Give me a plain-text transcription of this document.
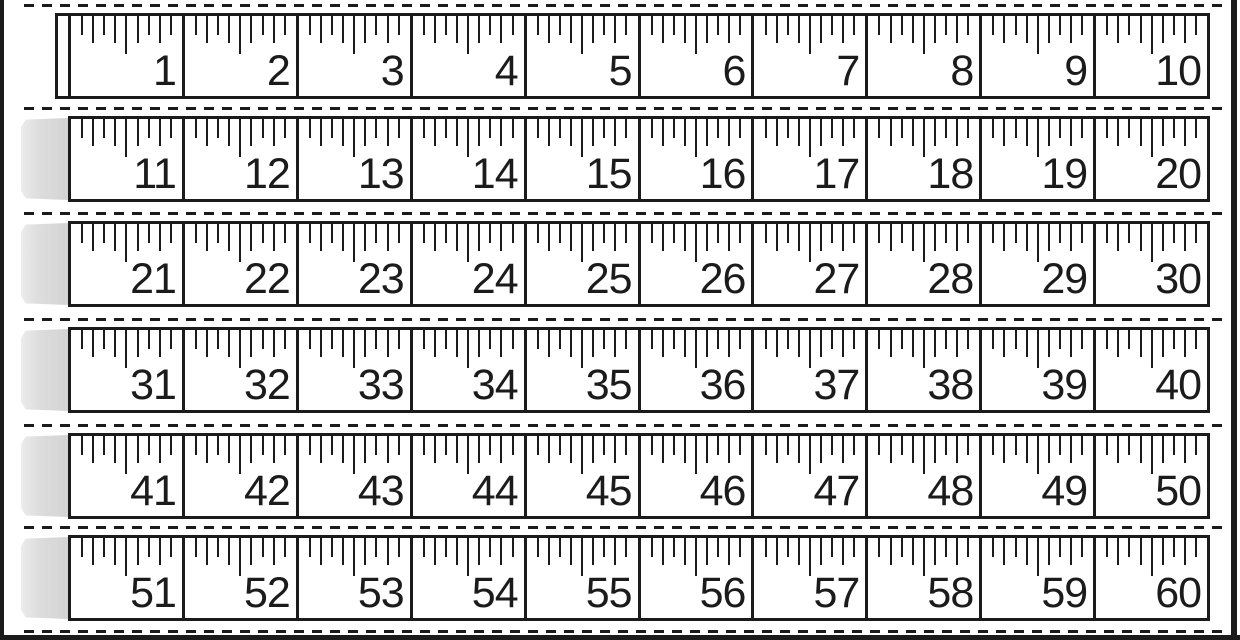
1 2 3 4 5 6 7 8 9 10
11 12 13 14 15 16 17 18 19 20
21 22 23 24 25 26 27 28 29 30
31 32 33 34 35 36 37 38 39 40
41 42 43 44 45 46 47 48 49 50
51 52 53 54 55 56 57 58 59 60
